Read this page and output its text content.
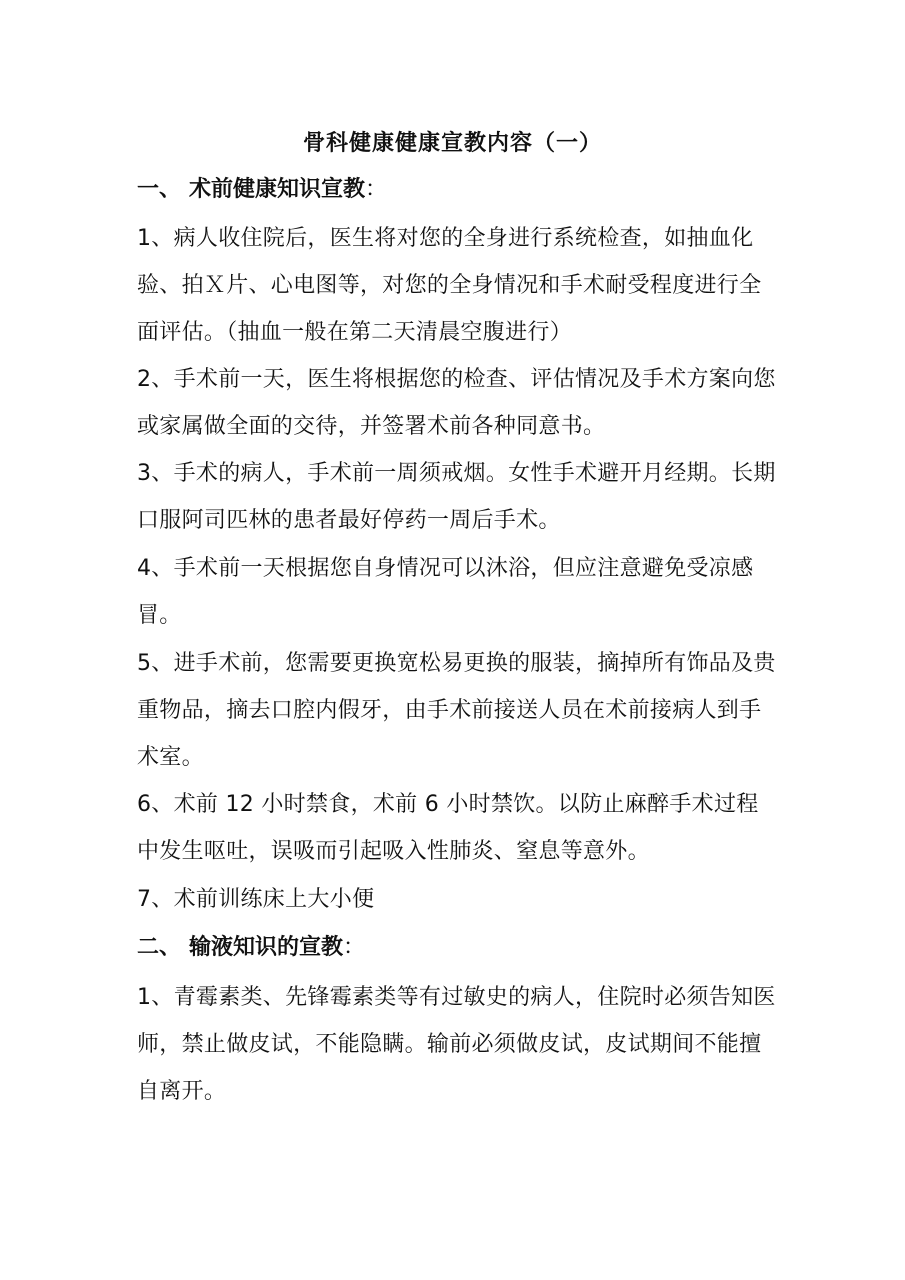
骨科健康健康宣教内容（一）
一、 术前健康知识宣教：
1、病人收住院后，医生将对您的全身进行系统检查，如抽血化验、拍Ｘ片、心电图等，对您的全身情况和手术耐受程度进行全面评估。（抽血一般在第二天清晨空腹进行）
2、手术前一天，医生将根据您的检查、评估情况及手术方案向您或家属做全面的交待，并签署术前各种同意书。
3、手术的病人，手术前一周须戒烟。女性手术避开月经期。长期口服阿司匹林的患者最好停药一周后手术。
4、手术前一天根据您自身情况可以沐浴，但应注意避免受凉感冒。
5、进手术前，您需要更换宽松易更换的服装，摘掉所有饰品及贵重物品，摘去口腔内假牙，由手术前接送人员在术前接病人到手术室。
6、术前 12 小时禁食，术前 6 小时禁饮。以防止麻醉手术过程中发生呕吐，误吸而引起吸入性肺炎、窒息等意外。
7、术前训练床上大小便
二、 输液知识的宣教：
1、青霉素类、先锋霉素类等有过敏史的病人，住院时必须告知医师，禁止做皮试，不能隐瞒。输前必须做皮试，皮试期间不能擅自离开。
